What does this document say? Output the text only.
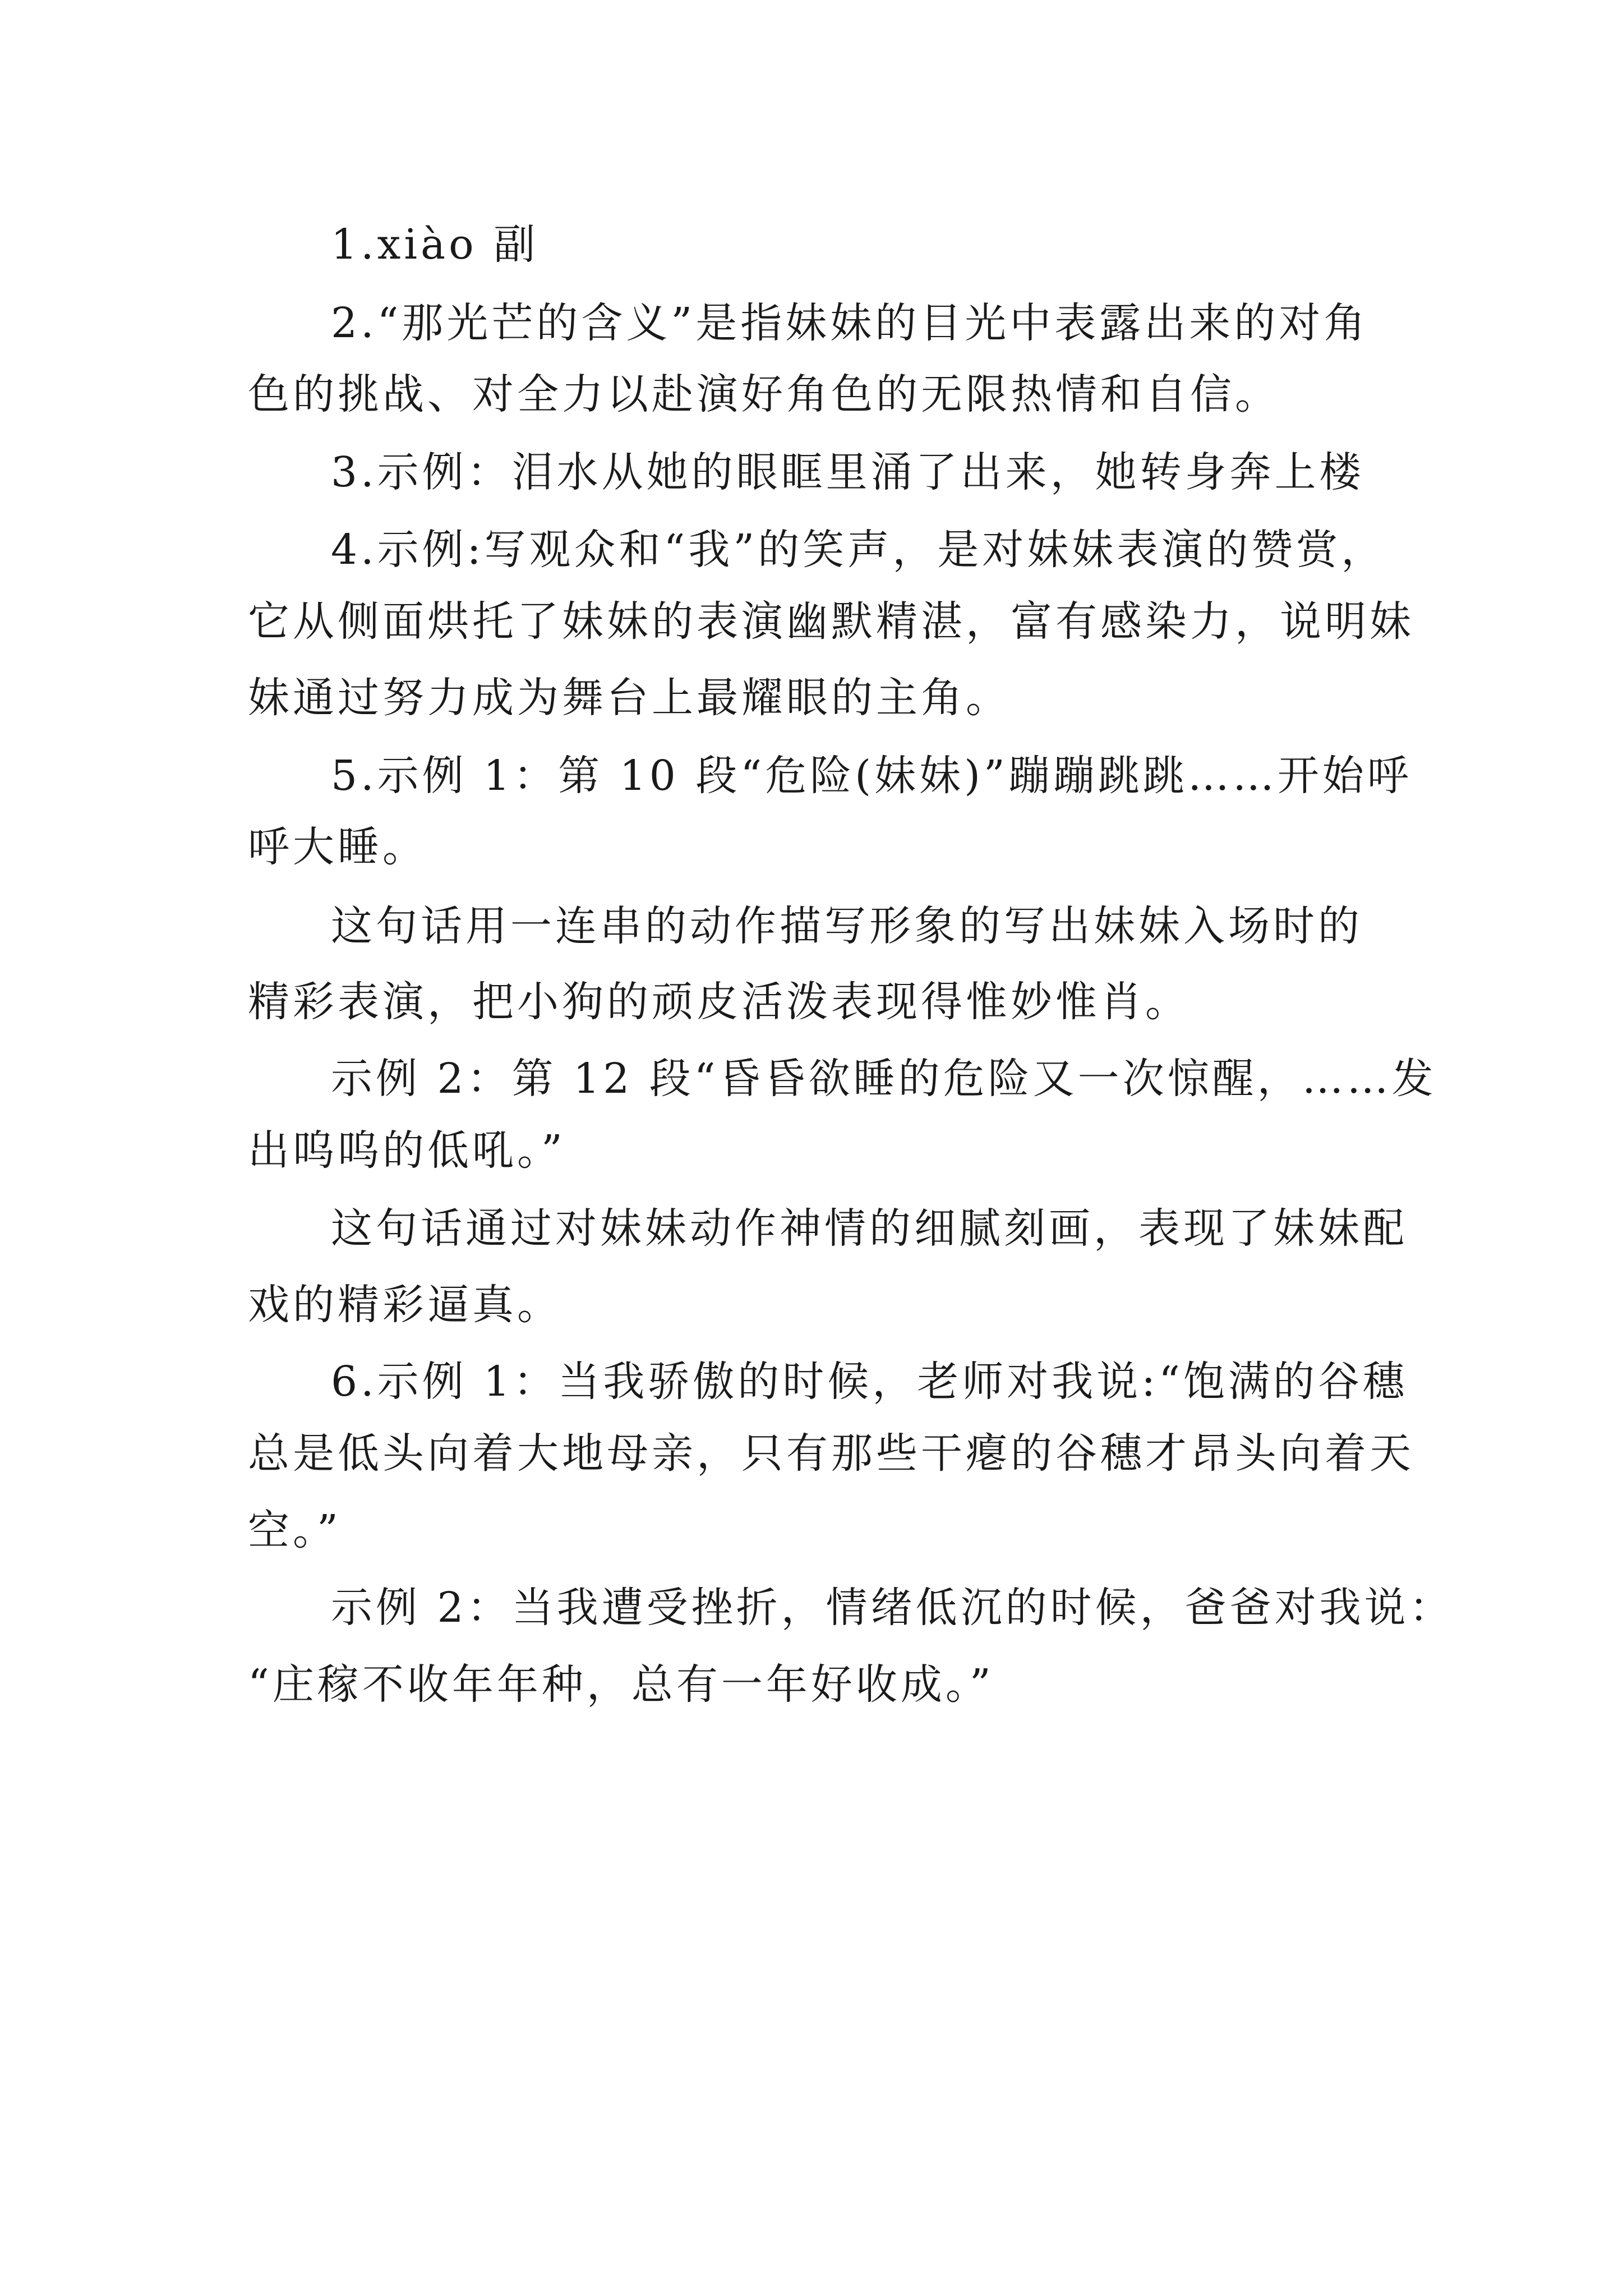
1.xiào 副

2.“那光芒的含义”是指妹妹的目光中表露出来的对角

色的挑战、对全力以赴演好角色的无限热情和自信。

3.示例：泪水从她的眼眶里涌了出来，她转身奔上楼

4.示例:写观众和“我”的笑声，是对妹妹表演的赞赏，

它从侧面烘托了妹妹的表演幽默精湛，富有感染力，说明妹

妹通过努力成为舞台上最耀眼的主角。

5.示例 1：第 10 段“危险(妹妹)”蹦蹦跳跳……开始呼

呼大睡。

这句话用一连串的动作描写形象的写出妹妹入场时的

精彩表演，把小狗的顽皮活泼表现得惟妙惟肖。

示例 2：第 12 段“昏昏欲睡的危险又一次惊醒，……发

出呜呜的低吼。”

这句话通过对妹妹动作神情的细腻刻画，表现了妹妹配

戏的精彩逼真。

6.示例 1：当我骄傲的时候，老师对我说:“饱满的谷穗

总是低头向着大地母亲，只有那些干瘪的谷穗才昂头向着天

空。”

示例 2：当我遭受挫折，情绪低沉的时候，爸爸对我说：

“庄稼不收年年种，总有一年好收成。”
